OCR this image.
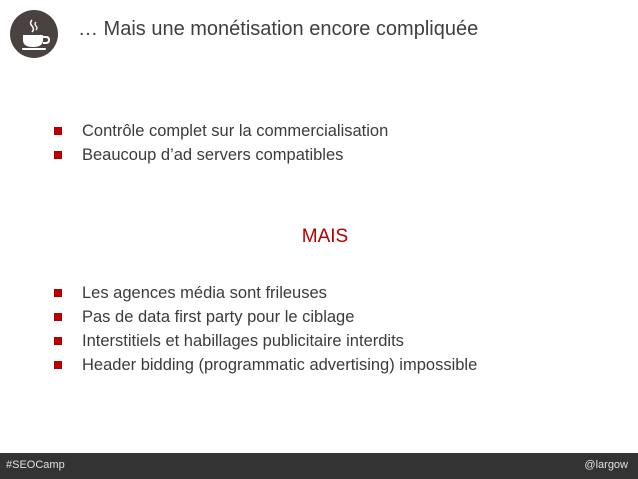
… Mais une monétisation encore compliquée
Contrôle complet sur la commercialisation
Beaucoup d’ad servers compatibles
MAIS
Les agences média sont frileuses
Pas de data first party pour le ciblage
Interstitiels et habillages publicitaire interdits
Header bidding (programmatic advertising) impossible
#SEOCamp	@largow
